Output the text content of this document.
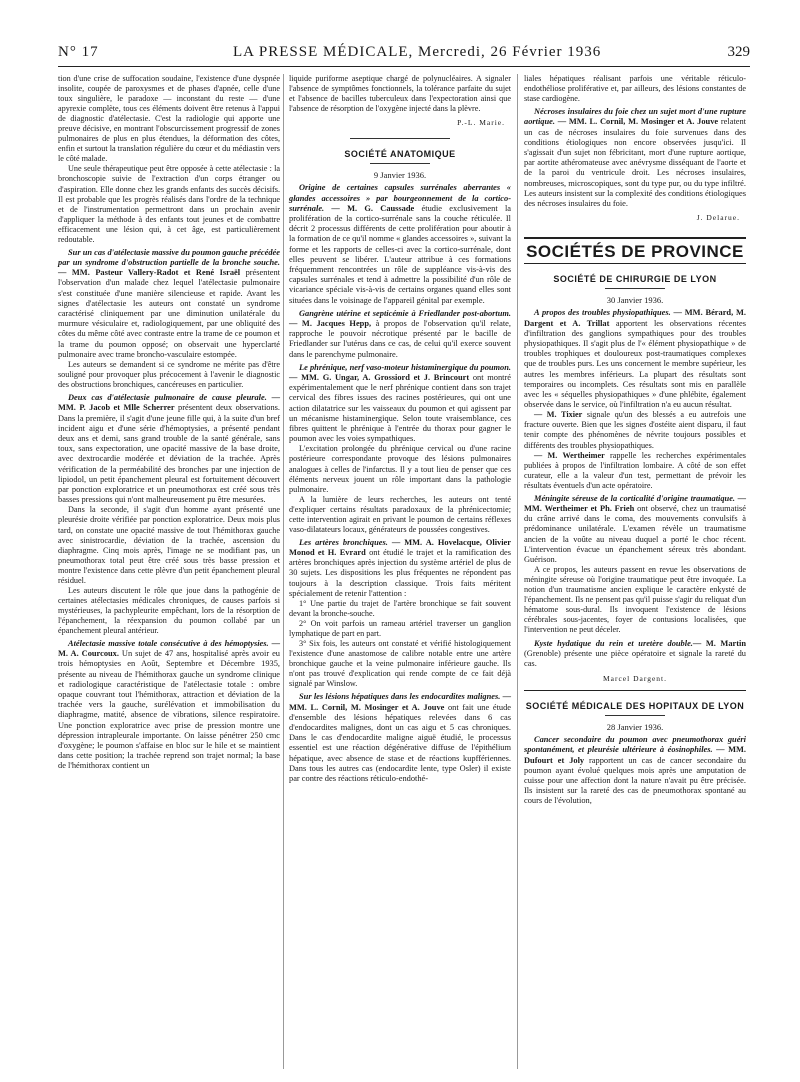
N° 17	LA PRESSE MÉDICALE, Mercredi, 26 Février 1936	329

tion d'une crise de suffocation soudaine, l'existence d'une dyspnée insolite, coupée de paroxysmes et de phases d'apnée, celle d'une toux singulière, le paradoxe — inconstant du reste — d'une apyrexie complète, tous ces éléments doivent être retenus à l'appui de diagnostic d'atélectasie. C'est la radiologie qui apporte une preuve décisive, en montrant l'obscurcissement progressif de zones pulmonaires de plus en plus étendues, la déformation des côtes, enfin et surtout la translation régulière du cœur et du médiastin vers le côté malade.

Une seule thérapeutique peut être opposée à cette atélectasie : la bronchoscopie suivie de l'extraction d'un corps étranger ou d'aspiration. Elle donne chez les grands enfants des succès décisifs. Il est probable que les progrès réalisés dans l'ordre de la technique et de l'instrumentation permettront dans un prochain avenir d'appliquer la méthode à des enfants tout jeunes et de combattre efficacement une lésion qui, à cet âge, est particulièrement redoutable.

Sur un cas d'atélectasie massive du poumon gauche précédée par un syndrome d'obstruction partielle de la bronche souche. — MM. Pasteur Vallery-Radot et René Israël présentent l'observation d'un malade chez lequel l'atélectasie pulmonaire s'est constituée d'une manière silencieuse et rapide. Avant les signes d'atélectasie les auteurs ont constaté un syndrome caractérisé cliniquement par une diminution unilatérale du murmure vésiculaire et, radiologiquement, par une obliquité des côtes du même côté avec contraste entre la trame de ce poumon et la trame du poumon opposé; on observait une hyperclarté pulmonaire avec trame broncho-vasculaire estompée.

Les auteurs se demandent si ce syndrome ne mérite pas d'être souligné pour provoquer plus précocement à l'avenir le diagnostic des obstructions bronchiques, cancéreuses en particulier.

Deux cas d'atélectasie pulmonaire de cause pleurale. — MM. P. Jacob et Mlle Scherrer présentent deux observations. Dans la première, il s'agit d'une jeune fille qui, à la suite d'un bref incident aigu et d'une série d'hémoptysies, a présenté pendant deux ans et demi, sans grand trouble de la santé générale, sans toux, sans expectoration, une opacité massive de la base droite, avec dextrocardie modérée et déviation de la trachée. Après vérification de la perméabilité des bronches par une injection de lipiodol, un petit épanchement pleural est fortuitement découvert par ponction exploratrice et un pneumothorax est créé sous très basses pressions qui n'ont malheureusement pu être mesurées.

Dans la seconde, il s'agit d'un homme ayant présenté une pleurésie droite vérifiée par ponction exploratrice. Deux mois plus tard, on constate une opacité massive de tout l'hémithorax gauche avec sinistrocardie, déviation de la trachée, ascension du diaphragme. Cinq mois après, l'image ne se modifiant pas, un pneumothorax total peut être créé sous très basse pression et montre l'existence dans cette plèvre d'un petit épanchement pleural résiduel.

Les auteurs discutent le rôle que joue dans la pathogénie de certaines atélectasies médicales chroniques, de causes parfois si mystérieuses, la pachypleurite empêchant, lors de la résorption de l'épanchement, la réexpansion du poumon collabé par un épanchement pleural antérieur.

Atélectasie massive totale consécutive à des hémoptysies. — M. A. Courcoux. Un sujet de 47 ans, hospitalisé après avoir eu trois hémoptysies en Août, Septembre et Décembre 1935, présente au niveau de l'hémithorax gauche un syndrome clinique et radiologique caractéristique de l'atélectasie totale : ombre opaque couvrant tout l'hémithorax, attraction et déviation de la trachée vers la gauche, surélévation et immobilisation du diaphragme, matité, absence de vibrations, silence respiratoire. Une ponction exploratrice avec prise de pression montre une dépression intrapleurale importante. On laisse pénétrer 250 cmc d'oxygène; le poumon s'affaise en bloc sur le hile et se maintient dans cette position; la trachée reprend son trajet normal; la base de l'hémithorax contient un

liquide puriforme aseptique chargé de polynucléaires. A signaler l'absence de symptômes fonctionnels, la tolérance parfaite du sujet et l'absence de bacilles tuberculeux dans l'expectoration ainsi que l'absence de résorption de l'oxygène injecté dans la plèvre.

P.-L. Marie.
SOCIÉTÉ ANATOMIQUE
9 Janvier 1936.
Origine de certaines capsules surrénales aberrantes « glandes accessoires » par bourgeonnement de la cortico-surrénale. — M. G. Caussade étudie exclusivement la prolifération de la cortico-surrénale sans la couche réticulée. Il décrit 2 processus différents de cette prolifération pour aboutir à la formation de ce qu'il nomme « glandes accessoires », suivant la forme et les rapports de celles-ci avec la cortico-surrénale, dont elles peuvent se libérer. L'auteur attribue à ces formations fréquemment rencontrées un rôle de suppléance vis-à-vis des capsules surrénales et tend à admettre la possibilité d'un rôle de vicariance spéciale vis-à-vis de certains organes quand elles sont situées dans le voisinage de l'appareil génital par exemple.
Gangrène utérine et septicémie à Friedlander post-abortum. — M. Jacques Hepp, à propos de l'observation qu'il relate, rapproche le pouvoir nécrotique présenté par le bacille de Friedlander sur l'utérus dans ce cas, de celui qu'il exerce souvent dans le parenchyme pulmonaire.
Le phrénique, nerf vaso-moteur histaminergique du poumon. — MM. G. Ungar, A. Grossiord et J. Brincourt ont montré expérimentalement que le nerf phrénique contient dans son trajet cervical des fibres issues des racines postérieures, qui ont une action dilatatrice sur les vaisseaux du poumon et qui agissent par un mécanisme histaminergique. Selon toute vraisemblance, ces fibres quittent le phrénique à l'entrée du thorax pour gagner le poumon avec les voies sympathiques.

L'excitation prolongée du phrénique cervical ou d'une racine postérieure correspondante provoque des lésions pulmonaires analogues à celles de l'infarctus. Il y a tout lieu de penser que ces éléments nerveux jouent un rôle important dans la pathologie pulmonaire.

A la lumière de leurs recherches, les auteurs ont tenté d'expliquer certains résultats paradoxaux de la phrénicectomie; cette intervention agirait en privant le poumon de certains réflexes vaso-dilatateurs locaux, générateurs de poussées congestives.

Les artères bronchiques. — MM. A. Hovelacque, Olivier Monod et H. Evrard ont étudié le trajet et la ramification des artères bronchiques après injection du système artériel de plus de 30 sujets. Les dispositions les plus fréquentes ne répondent pas toujours à la description classique. Trois faits méritent spécialement de retenir l'attention :

1° Une partie du trajet de l'artère bronchique se fait souvent devant la bronche-souche.

2° On voit parfois un rameau artériel traverser un ganglion lymphatique de part en part.

3° Six fois, les auteurs ont constaté et vérifié histologiquement l'existence d'une anastomose de calibre notable entre une artère bronchique gauche et la veine pulmonaire inférieure gauche. Ils n'ont pas trouvé d'explication qui rende compte de ce fait déjà signalé par Winslow.

Sur les lésions hépatiques dans les endocardites malignes. — MM. L. Cornil, M. Mosinger et A. Jouve ont fait une étude d'ensemble des lésions hépatiques relevées dans 6 cas d'endocardites malignes, dont un cas aigu et 5 cas chroniques. Dans le cas d'endocardite maligne aiguë étudié, le processus essentiel est une réaction dégénérative diffuse de l'épithélium hépatique, avec absence de stase et de réactions kupffériennes. Dans tous les autres cas (endocardite lente, type Osler) il existe par contre des réactions réticulo-endothé-

liales hépatiques réalisant parfois une véritable réticulo-endothéliose proliférative et, par ailleurs, des lésions constantes de stase cardiogène.

Nécroses insulaires du foie chez un sujet mort d'une rupture aortique. — MM. L. Cornil, M. Mosinger et A. Jouve relatent un cas de nécroses insulaires du foie survenues dans des conditions étiologiques non encore observées jusqu'ici. Il s'agissait d'un sujet non fébricitant, mort d'une rupture aortique, par aortite athéromateuse avec anévrysme disséquant de l'aorte et de la paroi du ventricule droit. Les nécroses insulaires, nombreuses, microscopiques, sont du type pur, ou du type infiltré. Les auteurs insistent sur la complexité des conditions étiologiques des nécroses insulaires du foie.
J. Delarue.
SOCIÉTÉS DE PROVINCE
SOCIÉTÉ DE CHIRURGIE DE LYON
30 Janvier 1936.
A propos des troubles physiopathiques. — MM. Bérard, M. Dargent et A. Trillat apportent les observations récentes d'infiltration des ganglions sympathiques pour des troubles physiopathiques. Il s'agit plus de l'« élément physiopathique » de troubles trophiques et douloureux post-traumatiques complexes que de troubles purs. Les uns concernent le membre supérieur, les autres les membres inférieurs. La plupart des résultats sont temporaires ou incomplets. Ces résultats sont mis en parallèle avec les « séquelles physiopathiques » d'une phlébite, également observée dans le service, où l'infiltration n'a eu aucun résultat.

— M. Tixier signale qu'un des blessés a eu autrefois une fracture ouverte. Bien que les signes d'ostéite aient disparu, il faut tenir compte des phénomènes de névrite toujours possibles et différents des troubles physiopathiques.

— M. Wertheimer rappelle les recherches expérimentales publiées à propos de l'infiltration lombaire. A côté de son effet curateur, elle a la valeur d'un test, permettant de prévoir les résultats éventuels d'un acte opératoire.

Méningite séreuse de la corticalité d'origine traumatique. — MM. Wertheimer et Ph. Frieh ont observé, chez un traumatisé du crâne arrivé dans le coma, des mouvements convulsifs à prédominance unilatérale. L'examen révèle un traumatisme ancien de la voûte au niveau duquel a porté le choc récent. L'intervention évacue un épanchement séreux très abondant. Guérison.

A ce propos, les auteurs passent en revue les observations de méningite séreuse où l'origine traumatique peut être invoquée. La notion d'un traumatisme ancien explique le caractère enkysté de l'épanchement. Ils ne pensent pas qu'il puisse s'agir du reliquat d'un hématome sous-dural. Ils invoquent l'existence de lésions cérébrales sous-jacentes, foyer de contusions localisées, que l'intervention ne peut déceler.

Kyste hydatique du rein et uretère double.— M. Martin (Grenoble) présente une pièce opératoire et signale la rareté du cas.
Marcel Dargent.
SOCIÉTÉ MÉDICALE DES HOPITAUX DE LYON
28 Janvier 1936.
Cancer secondaire du poumon avec pneumothorax guéri spontanément, et pleurésie ultérieure à éosinophiles. — MM. Dufourt et Joly rapportent un cas de cancer secondaire du poumon ayant évolué quelques mois après une amputation de cuisse pour une affection dont la nature n'avait pu être précisée. Ils insistent sur la rareté des cas de pneumothorax spontané au cours de l'évolution,
